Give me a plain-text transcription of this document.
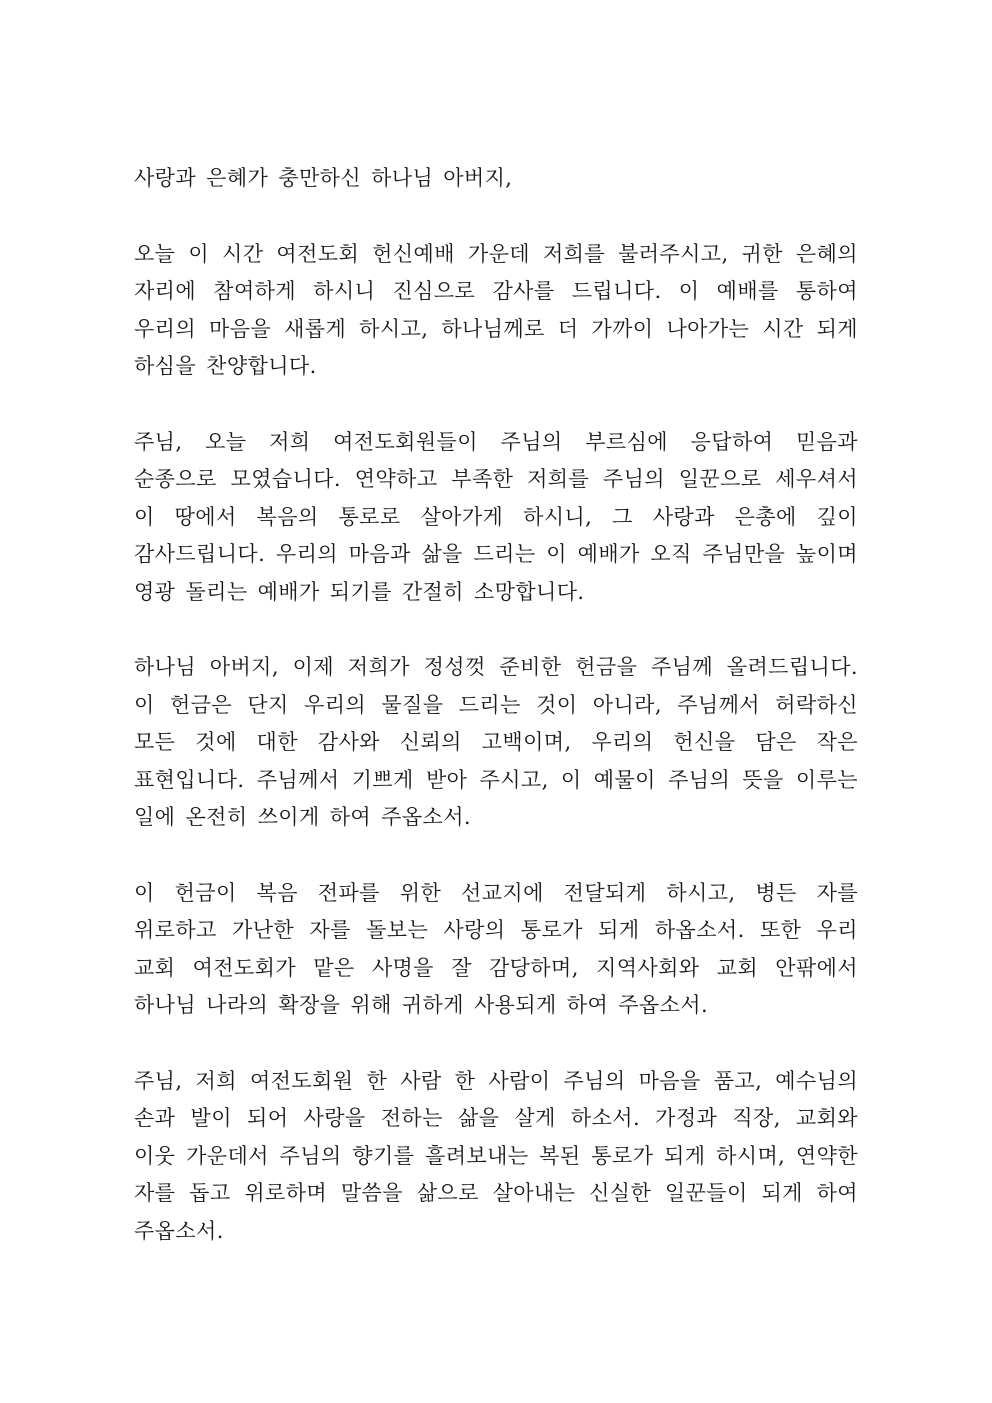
사랑과 은혜가 충만하신 하나님 아버지,

오늘 이 시간 여전도회 헌신예배 가운데 저희를 불러주시고, 귀한 은혜의 자리에 참여하게 하시니 진심으로 감사를 드립니다. 이 예배를 통하여 우리의 마음을 새롭게 하시고, 하나님께로 더 가까이 나아가는 시간 되게 하심을 찬양합니다.

주님, 오늘 저희 여전도회원들이 주님의 부르심에 응답하여 믿음과 순종으로 모였습니다. 연약하고 부족한 저희를 주님의 일꾼으로 세우셔서 이 땅에서 복음의 통로로 살아가게 하시니, 그 사랑과 은총에 깊이 감사드립니다. 우리의 마음과 삶을 드리는 이 예배가 오직 주님만을 높이며 영광 돌리는 예배가 되기를 간절히 소망합니다.

하나님 아버지, 이제 저희가 정성껏 준비한 헌금을 주님께 올려드립니다. 이 헌금은 단지 우리의 물질을 드리는 것이 아니라, 주님께서 허락하신 모든 것에 대한 감사와 신뢰의 고백이며, 우리의 헌신을 담은 작은 표현입니다. 주님께서 기쁘게 받아 주시고, 이 예물이 주님의 뜻을 이루는 일에 온전히 쓰이게 하여 주옵소서.

이 헌금이 복음 전파를 위한 선교지에 전달되게 하시고, 병든 자를 위로하고 가난한 자를 돌보는 사랑의 통로가 되게 하옵소서. 또한 우리 교회 여전도회가 맡은 사명을 잘 감당하며, 지역사회와 교회 안팎에서 하나님 나라의 확장을 위해 귀하게 사용되게 하여 주옵소서.

주님, 저희 여전도회원 한 사람 한 사람이 주님의 마음을 품고, 예수님의 손과 발이 되어 사랑을 전하는 삶을 살게 하소서. 가정과 직장, 교회와 이웃 가운데서 주님의 향기를 흘려보내는 복된 통로가 되게 하시며, 연약한 자를 돕고 위로하며 말씀을 삶으로 살아내는 신실한 일꾼들이 되게 하여 주옵소서.
